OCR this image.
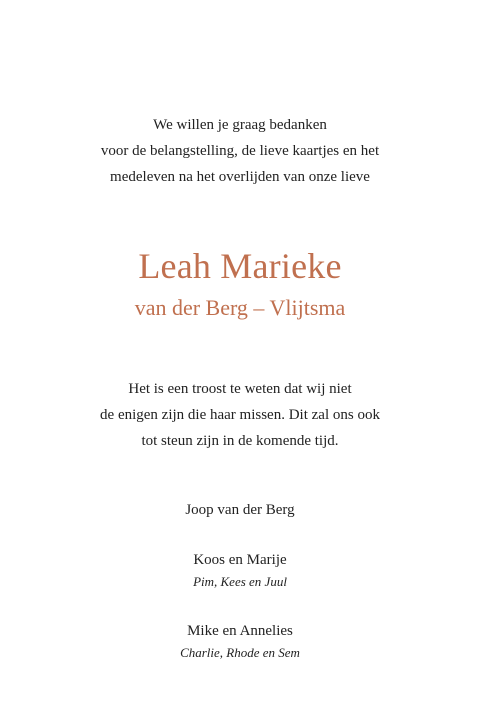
We willen je graag bedanken
voor de belangstelling, de lieve kaartjes en het
medeleven na het overlijden van onze lieve
Leah Marieke
van der Berg – Vlijtsma
Het is een troost te weten dat wij niet
de enigen zijn die haar missen. Dit zal ons ook
tot steun zijn in de komende tijd.
Joop van der Berg
Koos en Marije
Pim, Kees en Juul
Mike en Annelies
Charlie, Rhode en Sem
